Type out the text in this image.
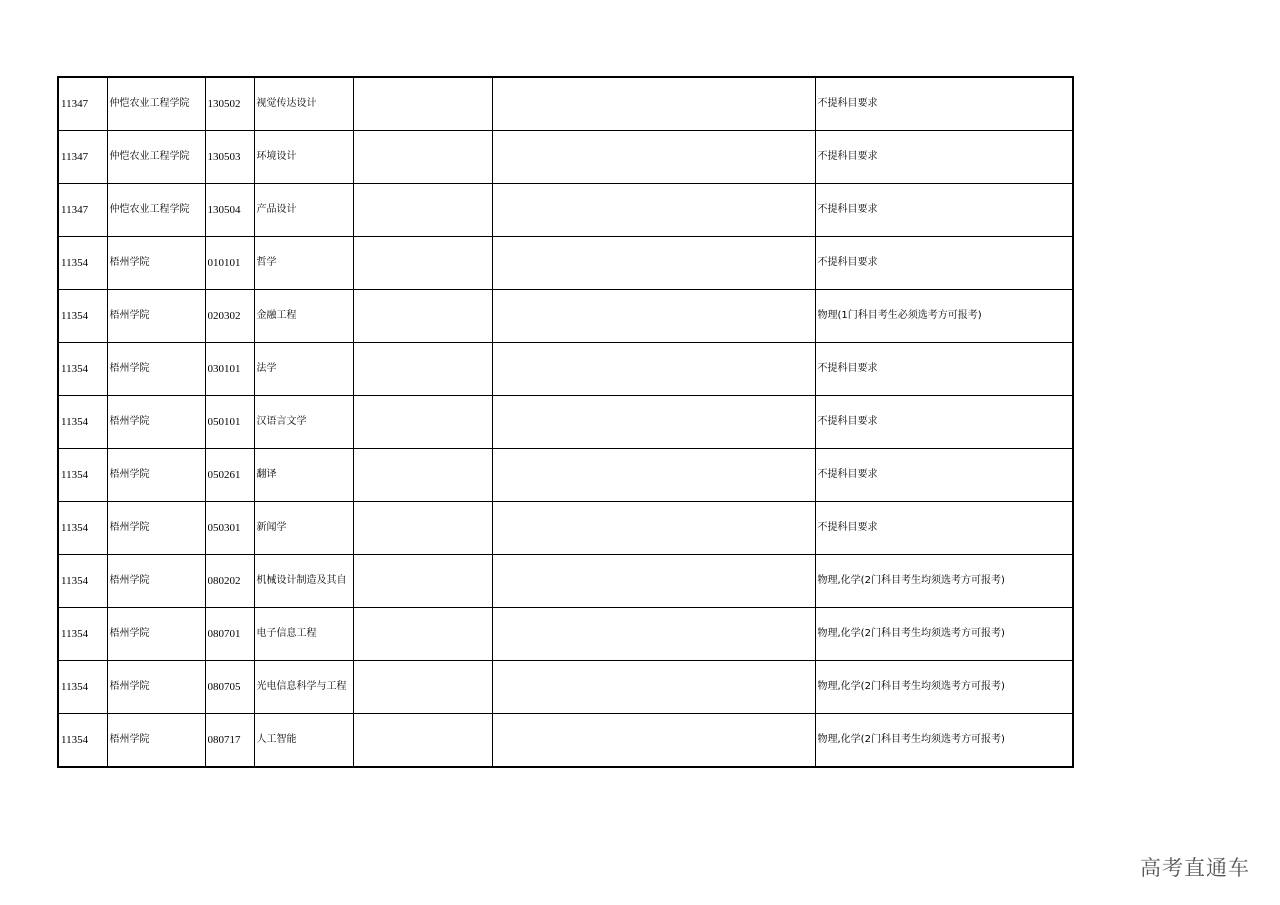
11347	仲恺农业工程学院	130502	视觉传达设计			不提科目要求
11347	仲恺农业工程学院	130503	环境设计			不提科目要求
11347	仲恺农业工程学院	130504	产品设计			不提科目要求
11354	梧州学院	010101	哲学			不提科目要求
11354	梧州学院	020302	金融工程			物理(1门科目考生必须选考方可报考)
11354	梧州学院	030101	法学			不提科目要求
11354	梧州学院	050101	汉语言文学			不提科目要求
11354	梧州学院	050261	翻译			不提科目要求
11354	梧州学院	050301	新闻学			不提科目要求
11354	梧州学院	080202	机械设计制造及其自			物理,化学(2门科目考生均须选考方可报考)
11354	梧州学院	080701	电子信息工程			物理,化学(2门科目考生均须选考方可报考)
11354	梧州学院	080705	光电信息科学与工程			物理,化学(2门科目考生均须选考方可报考)
11354	梧州学院	080717	人工智能			物理,化学(2门科目考生均须选考方可报考)
高考直通车
